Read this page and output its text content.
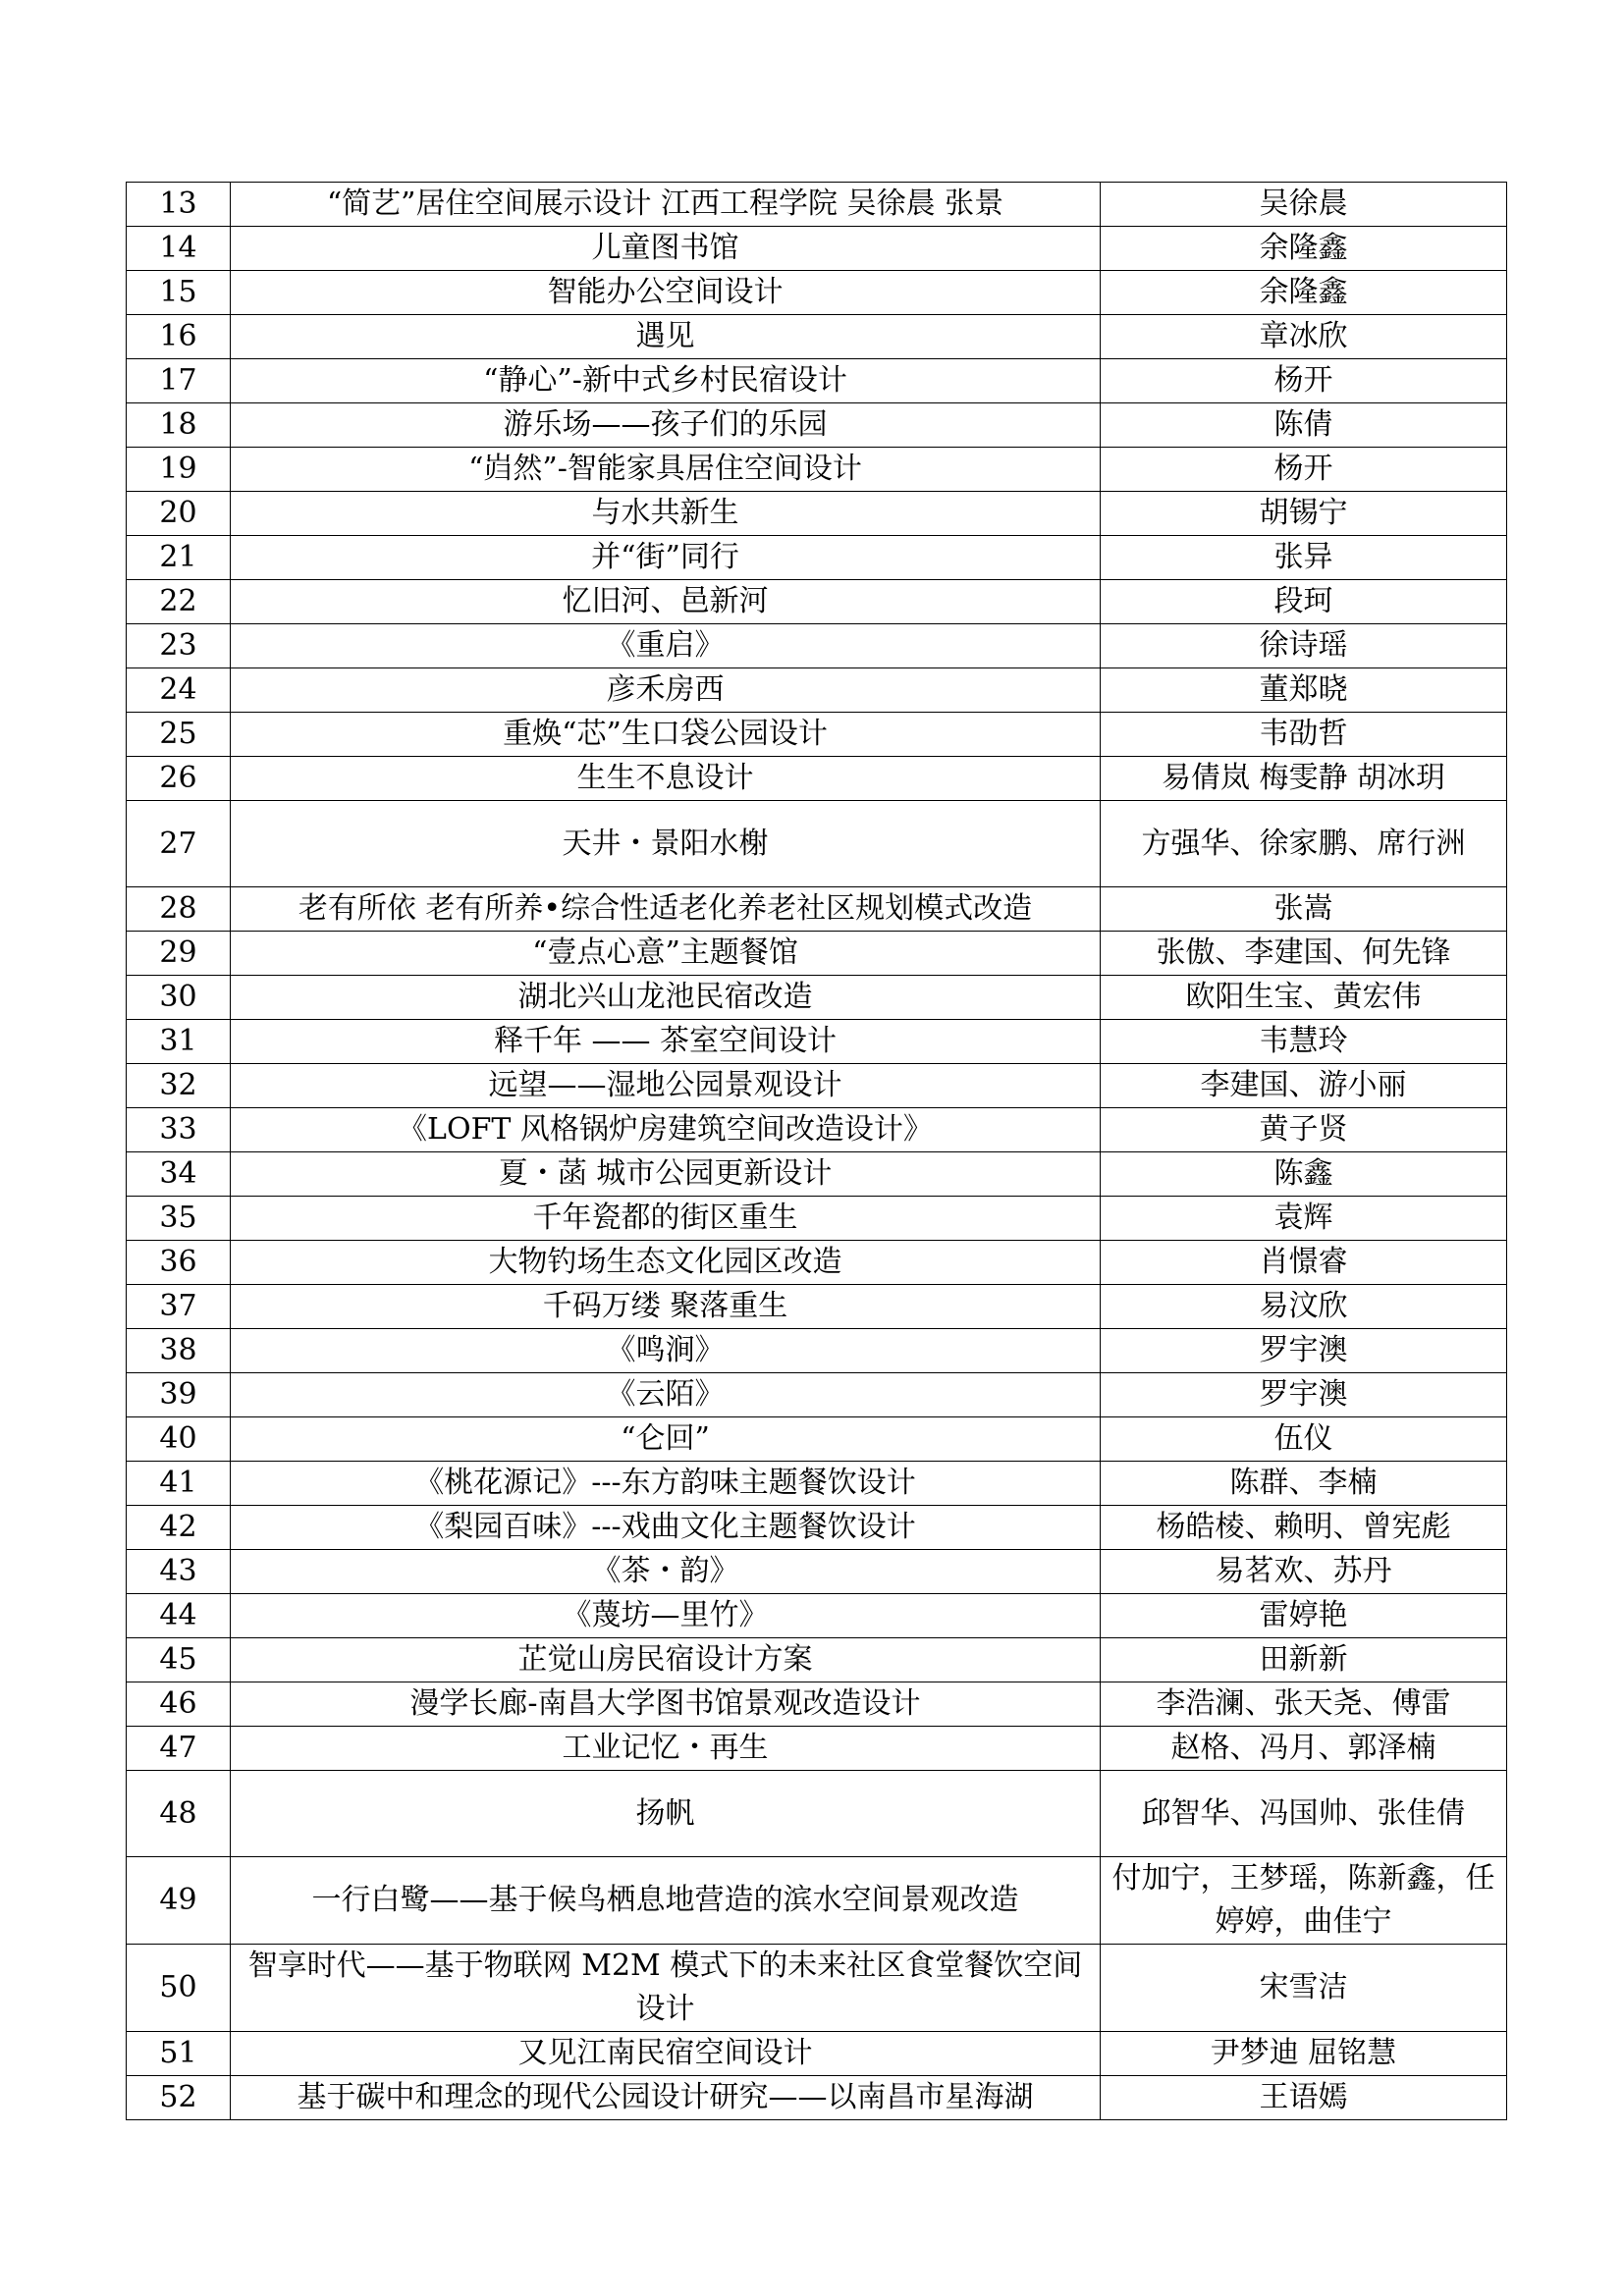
13	“简艺”居住空间展示设计 江西工程学院 吴徐晨 张景	吴徐晨
14	儿童图书馆	余隆鑫
15	智能办公空间设计	余隆鑫
16	遇见	章冰欣
17	“静心”-新中式乡村民宿设计	杨开
18	游乐场——孩子们的乐园	陈倩
19	“岿然”-智能家具居住空间设计	杨开
20	与水共新生	胡锡宁
21	并“街”同行	张异
22	忆旧河、邑新河	段珂
23	《重启》	徐诗瑶
24	彦禾房西	董郑晓
25	重焕“芯”生口袋公园设计	韦劭哲
26	生生不息设计	易倩岚 梅雯静 胡冰玥
27	天井・景阳水榭	方强华、徐家鹏、席行洲
28	老有所依 老有所养•综合性适老化养老社区规划模式改造	张嵩
29	“壹点心意”主题餐馆	张傲、李建国、何先锋
30	湖北兴山龙池民宿改造	欧阳生宝、黄宏伟
31	释千年 —— 茶室空间设计	韦慧玲
32	远望——湿地公园景观设计	李建国、游小丽
33	《LOFT 风格锅炉房建筑空间改造设计》	黄子贤
34	夏・菡 城市公园更新设计	陈鑫
35	千年瓷都的街区重生	袁辉
36	大物钓场生态文化园区改造	肖憬睿
37	千码万缕 聚落重生	易汶欣
38	《鸣涧》	罗宇澳
39	《云陌》	罗宇澳
40	“仑回”	伍仪
41	《桃花源记》---东方韵味主题餐饮设计	陈群、李楠
42	《梨园百味》---戏曲文化主题餐饮设计	杨皓棱、赖明、曾宪彪
43	《茶・韵》	易茗欢、苏丹
44	《蔑坊—里竹》	雷婷艳
45	芷觉山房民宿设计方案	田新新
46	漫学长廊-南昌大学图书馆景观改造设计	李浩澜、张天尧、傅雷
47	工业记忆・再生	赵格、冯月、郭泽楠
48	扬帆	邱智华、冯国帅、张佳倩
49	一行白鹭——基于候鸟栖息地营造的滨水空间景观改造	付加宁，王梦瑶，陈新鑫，任婷婷，曲佳宁
50	智享时代——基于物联网 M2M 模式下的未来社区食堂餐饮空间设计	宋雪洁
51	又见江南民宿空间设计	尹梦迪 屈铭慧
52	基于碳中和理念的现代公园设计研究——以南昌市星海湖	王语嫣
